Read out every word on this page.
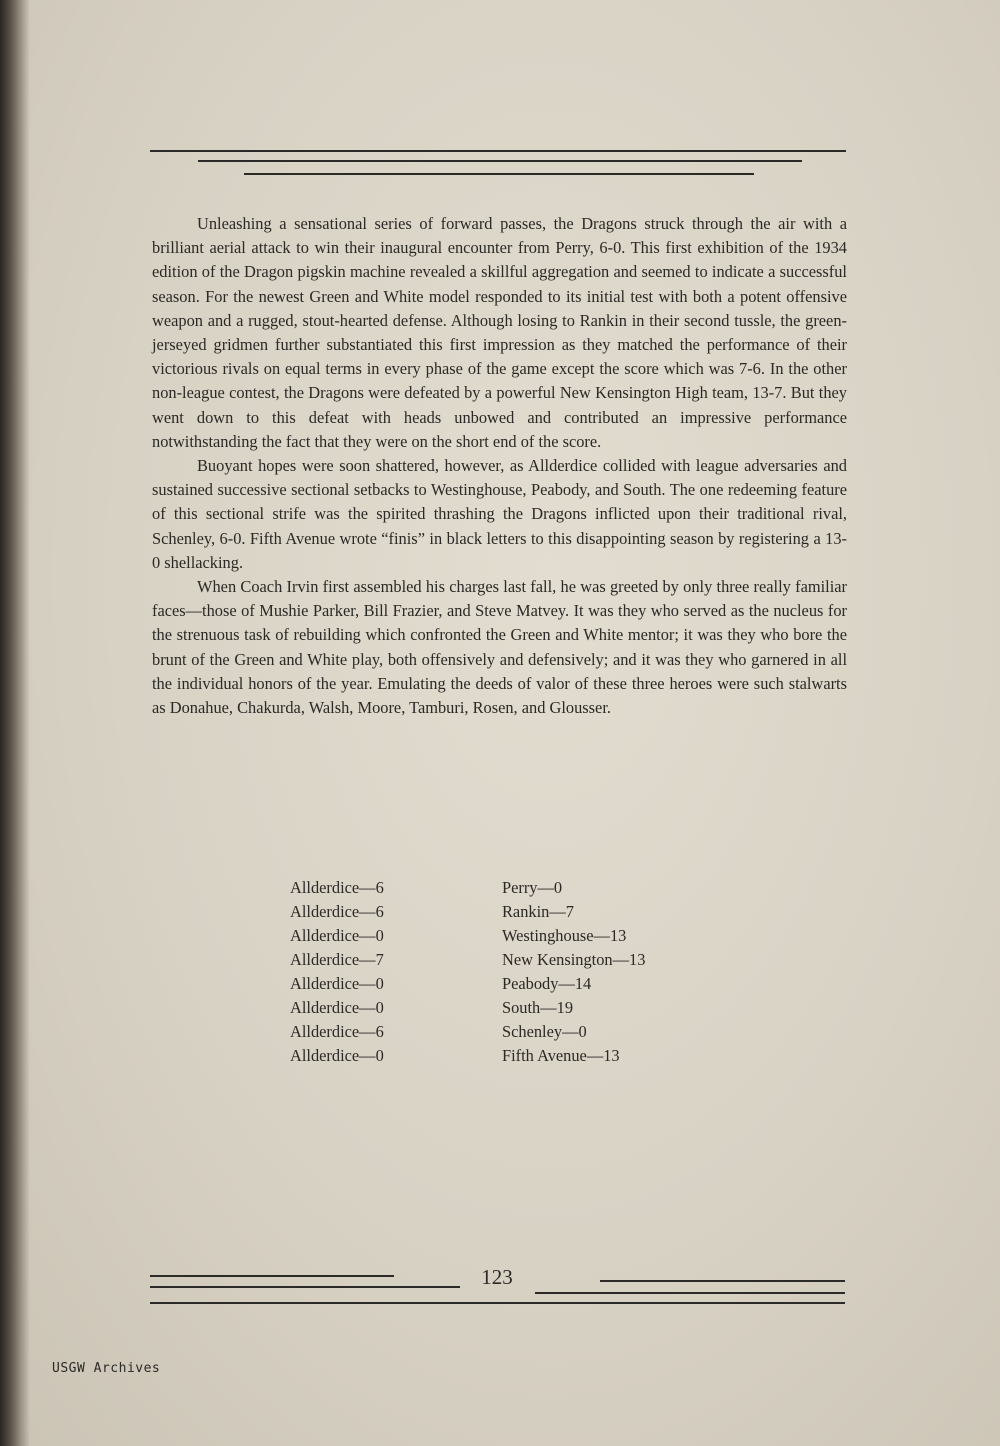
Unleashing a sensational series of forward passes, the Dragons struck through the air with a brilliant aerial attack to win their inaugural encounter from Perry, 6-0. This first exhibition of the 1934 edition of the Dragon pigskin machine revealed a skillful aggregation and seemed to indicate a successful season. For the newest Green and White model responded to its initial test with both a potent offensive weapon and a rugged, stout-hearted defense. Although losing to Rankin in their second tussle, the green-jerseyed gridmen further substantiated this first impression as they matched the performance of their victorious rivals on equal terms in every phase of the game except the score which was 7-6. In the other non-league contest, the Dragons were defeated by a powerful New Kensington High team, 13-7. But they went down to this defeat with heads unbowed and contributed an impressive performance notwithstanding the fact that they were on the short end of the score.

Buoyant hopes were soon shattered, however, as Allderdice collided with league adversaries and sustained successive sectional setbacks to Westinghouse, Peabody, and South. The one redeeming feature of this sectional strife was the spirited thrashing the Dragons inflicted upon their traditional rival, Schenley, 6-0. Fifth Avenue wrote “finis” in black letters to this disappointing season by registering a 13-0 shellacking.

When Coach Irvin first assembled his charges last fall, he was greeted by only three really familiar faces—those of Mushie Parker, Bill Frazier, and Steve Matvey. It was they who served as the nucleus for the strenuous task of rebuilding which confronted the Green and White mentor; it was they who bore the brunt of the Green and White play, both offensively and defensively; and it was they who garnered in all the individual honors of the year. Emulating the deeds of valor of these three heroes were such stalwarts as Donahue, Chakurda, Walsh, Moore, Tamburi, Rosen, and Glousser.

Allderdice—6	Perry—0
Allderdice—6	Rankin—7
Allderdice—0	Westinghouse—13
Allderdice—7	New Kensington—13
Allderdice—0	Peabody—14
Allderdice—0	South—19
Allderdice—6	Schenley—0
Allderdice—0	Fifth Avenue—13
123
USGW Archives
